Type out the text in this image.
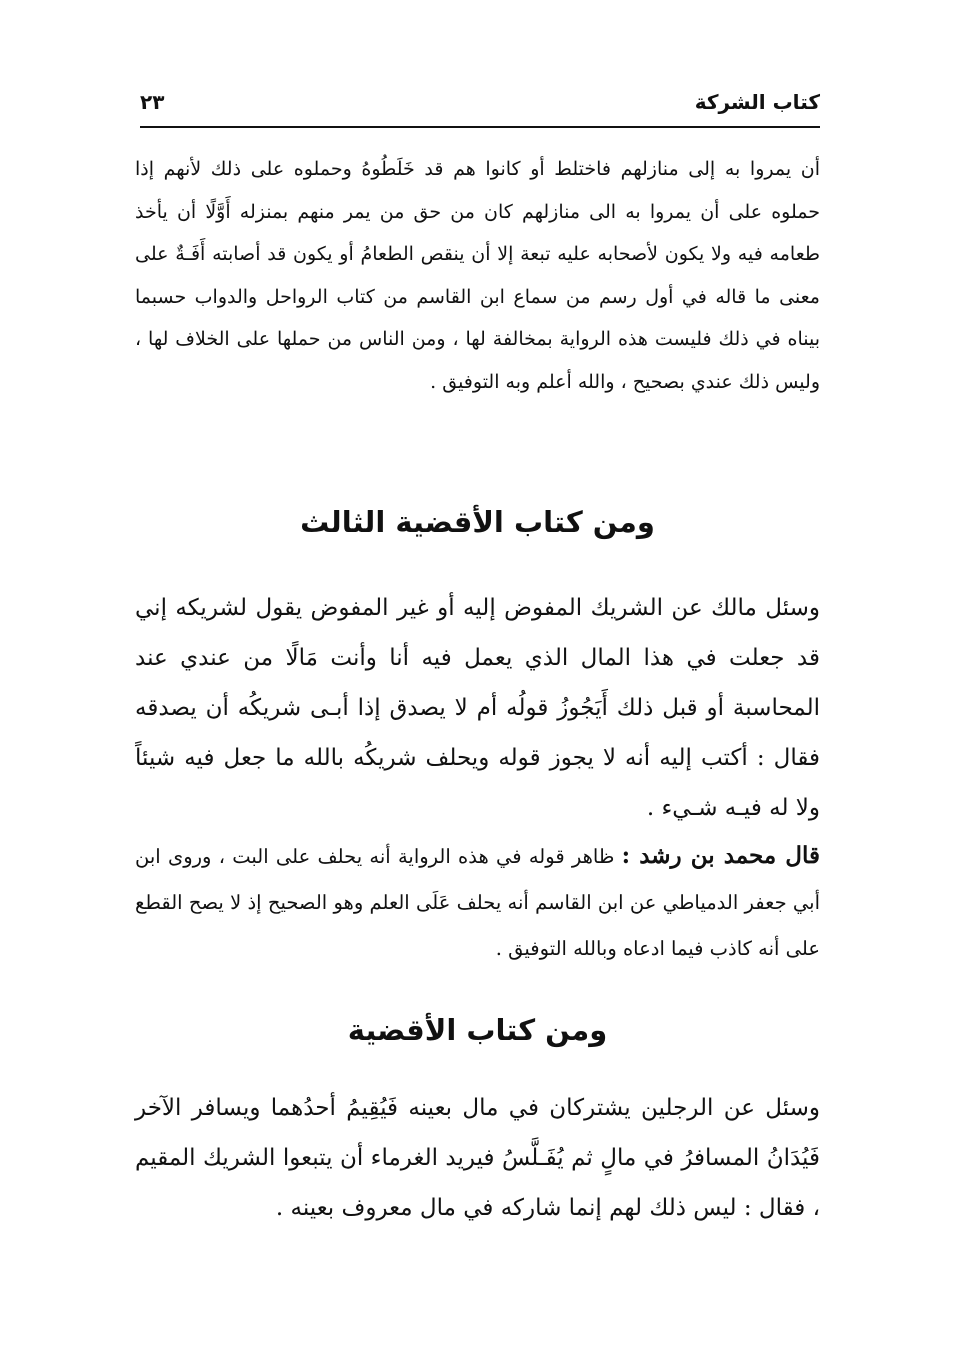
كتاب الشركة
٢٣

أن يمروا به إلى منازلهم فاختلط أو كانوا هم قد خَلَطُوهُ وحملوه على ذلك لأنهم إذا حملوه على أن يمروا به الى منازلهم كان من حق من يمر منهم بمنزله أَوَّلًا أن يأخذ طعامه فيه ولا يكون لأصحابه عليه تبعة إلا أن ينقص الطعامُ أو يكون قد أصابته أَفَـةٌ على معنى ما قاله في أول رسم من سماع ابن القاسم من كتاب الرواحل والدواب حسبما بيناه في ذلك فليست هذه الرواية بمخالفة لها ، ومن الناس من حملها على الخلاف لها ، وليس ذلك عندي بصحيح ، والله أعلم وبه التوفيق .

ومن كتاب الأقضية الثالث

وسئل مالك عن الشريك المفوض إليه أو غير المفوض يقول لشريكه إني قد جعلت في هذا المال الذي يعمل فيه أنا وأنت مَالًا من عندي عند المحاسبة أو قبل ذلك أَيَجُوزُ قولُه أم لا يصدق إذا أبـى شريكُه أن يصدقه فقال : أكتب إليه أنه لا يجوز قوله ويحلف شريكُه بالله ما جعل فيه شيئاً ولا له فيـه شـيء .

قال محمد بن رشد : ظاهر قوله في هذه الرواية أنه يحلف على البت ، وروى ابن أبي جعفر الدمياطي عن ابن القاسم أنه يحلف عَلَى العلم وهو الصحيح إذ لا يصح القطع على أنه كاذب فيما ادعاه وبالله التوفيق .

ومن كتاب الأقضية

وسئل عن الرجلين يشتركان في مال بعينه فَيُقِيمُ أحدُهما ويسافر الآخر فَيُدَانُ المسافرُ في مالٍ ثم يُفَـلَّسُ فيريد الغرماء أن يتبعوا الشريك المقيم ، فقال : ليس ذلك لهم إنما شاركه في مال معروف بعينه .
